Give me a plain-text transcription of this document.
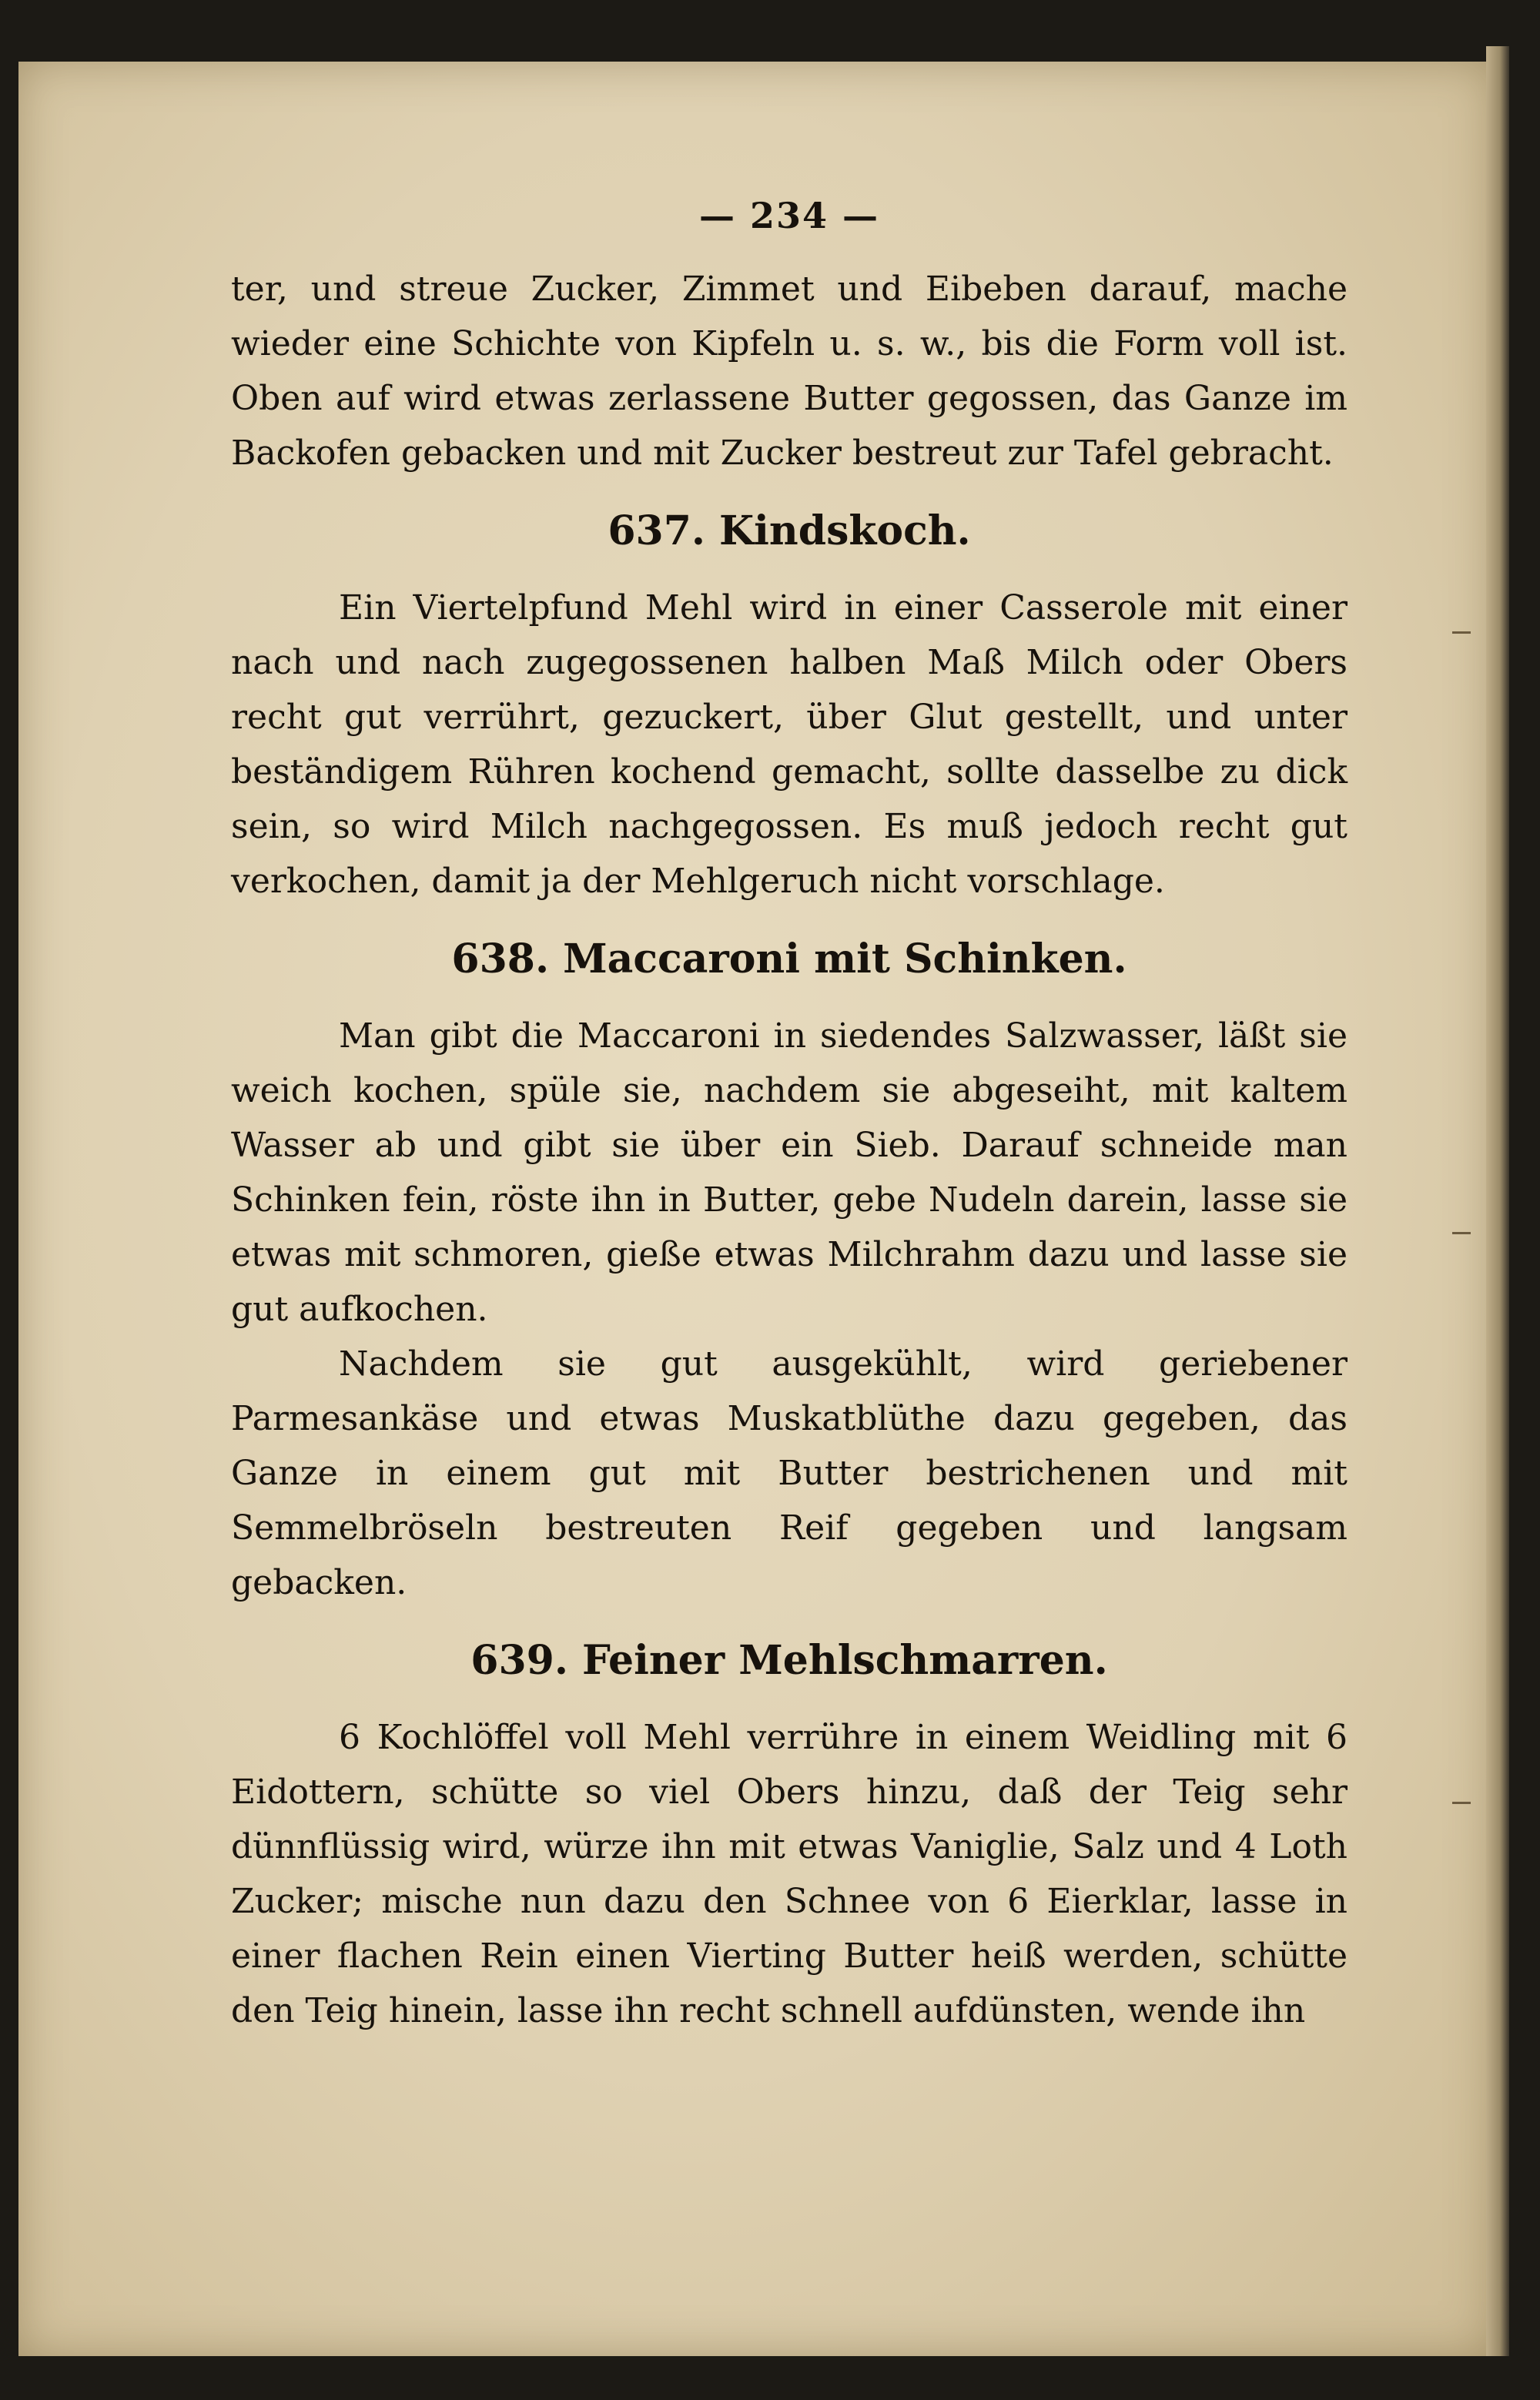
— 234 —

ter, und streue Zucker, Zimmet und Eibeben darauf, mache wieder eine Schichte von Kipfeln u. s. w., bis die Form voll ist. Oben auf wird etwas zerlassene Butter gegossen, das Ganze im Backofen gebacken und mit Zucker bestreut zur Tafel gebracht.

637. Kindskoch.

Ein Viertelpfund Mehl wird in einer Casserole mit einer nach und nach zugegossenen halben Maß Milch oder Obers recht gut verrührt, gezuckert, über Glut gestellt, und unter beständigem Rühren kochend gemacht, sollte dasselbe zu dick sein, so wird Milch nachgegossen. Es muß jedoch recht gut verkochen, damit ja der Mehlgeruch nicht vorschlage.

638. Maccaroni mit Schinken.

Man gibt die Maccaroni in siedendes Salzwasser, läßt sie weich kochen, spüle sie, nachdem sie abgeseiht, mit kaltem Wasser ab und gibt sie über ein Sieb. Darauf schneide man Schinken fein, röste ihn in Butter, gebe Nudeln darein, lasse sie etwas mit schmoren, gieße etwas Milchrahm dazu und lasse sie gut aufkochen.

Nachdem sie gut ausgekühlt, wird geriebener Parmesankäse und etwas Muskatblüthe dazu gegeben, das Ganze in einem gut mit Butter bestrichenen und mit Semmelbröseln bestreuten Reif gegeben und langsam gebacken.

639. Feiner Mehlschmarren.

6 Kochlöffel voll Mehl verrühre in einem Weidling mit 6 Eidottern, schütte so viel Obers hinzu, daß der Teig sehr dünnflüssig wird, würze ihn mit etwas Vaniglie, Salz und 4 Loth Zucker; mische nun dazu den Schnee von 6 Eierklar, lasse in einer flachen Rein einen Vierting Butter heiß werden, schütte den Teig hinein, lasse ihn recht schnell aufdünsten, wende ihn
